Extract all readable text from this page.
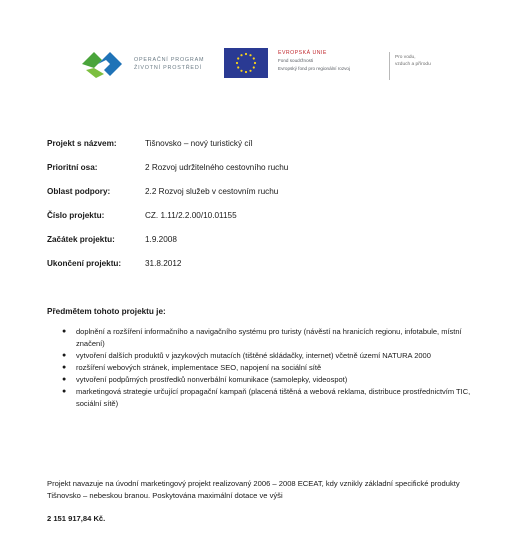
OPERAČNÍ PROGRAM
ŽIVOTNÍ PROSTŘEDÍ
EVROPSKÁ UNIE
Fond soudržnosti
Evropský fond pro regionální rozvoj
Pro vodu,
vzduch a přírodu
Projekt s názvem:	Tišnovsko – nový turistický cíl
Prioritní osa:	2 Rozvoj udržitelného cestovního ruchu
Oblast podpory:	2.2 Rozvoj služeb v cestovním ruchu
Číslo projektu:	CZ. 1.11/2.2.00/10.01155
Začátek projektu:	1.9.2008
Ukončení projektu:	31.8.2012
Předmětem tohoto projektu je:
● doplnění a rozšíření informačního a navigačního systému pro turisty (návěstí na hranicích regionu, infotabule, místní značení)
● vytvoření dalších produktů v jazykových mutacích (tištěné skládačky, internet) včetně území NATURA 2000
● rozšíření webových stránek, implementace SEO, napojení na sociální sítě
● vytvoření podpůrných prostředků nonverbální komunikace (samolepky, videospot)
● marketingová strategie určující propagační kampaň (placená tištěná a webová reklama, distribuce prostřednictvím TIC, sociální sítě)
Projekt navazuje na úvodní marketingový projekt realizovaný 2006 – 2008 ECEAT, kdy vznikly základní specifické produkty Tišnovsko – nebeskou branou. Poskytována maximální dotace ve výši
2 151 917,84 Kč.
